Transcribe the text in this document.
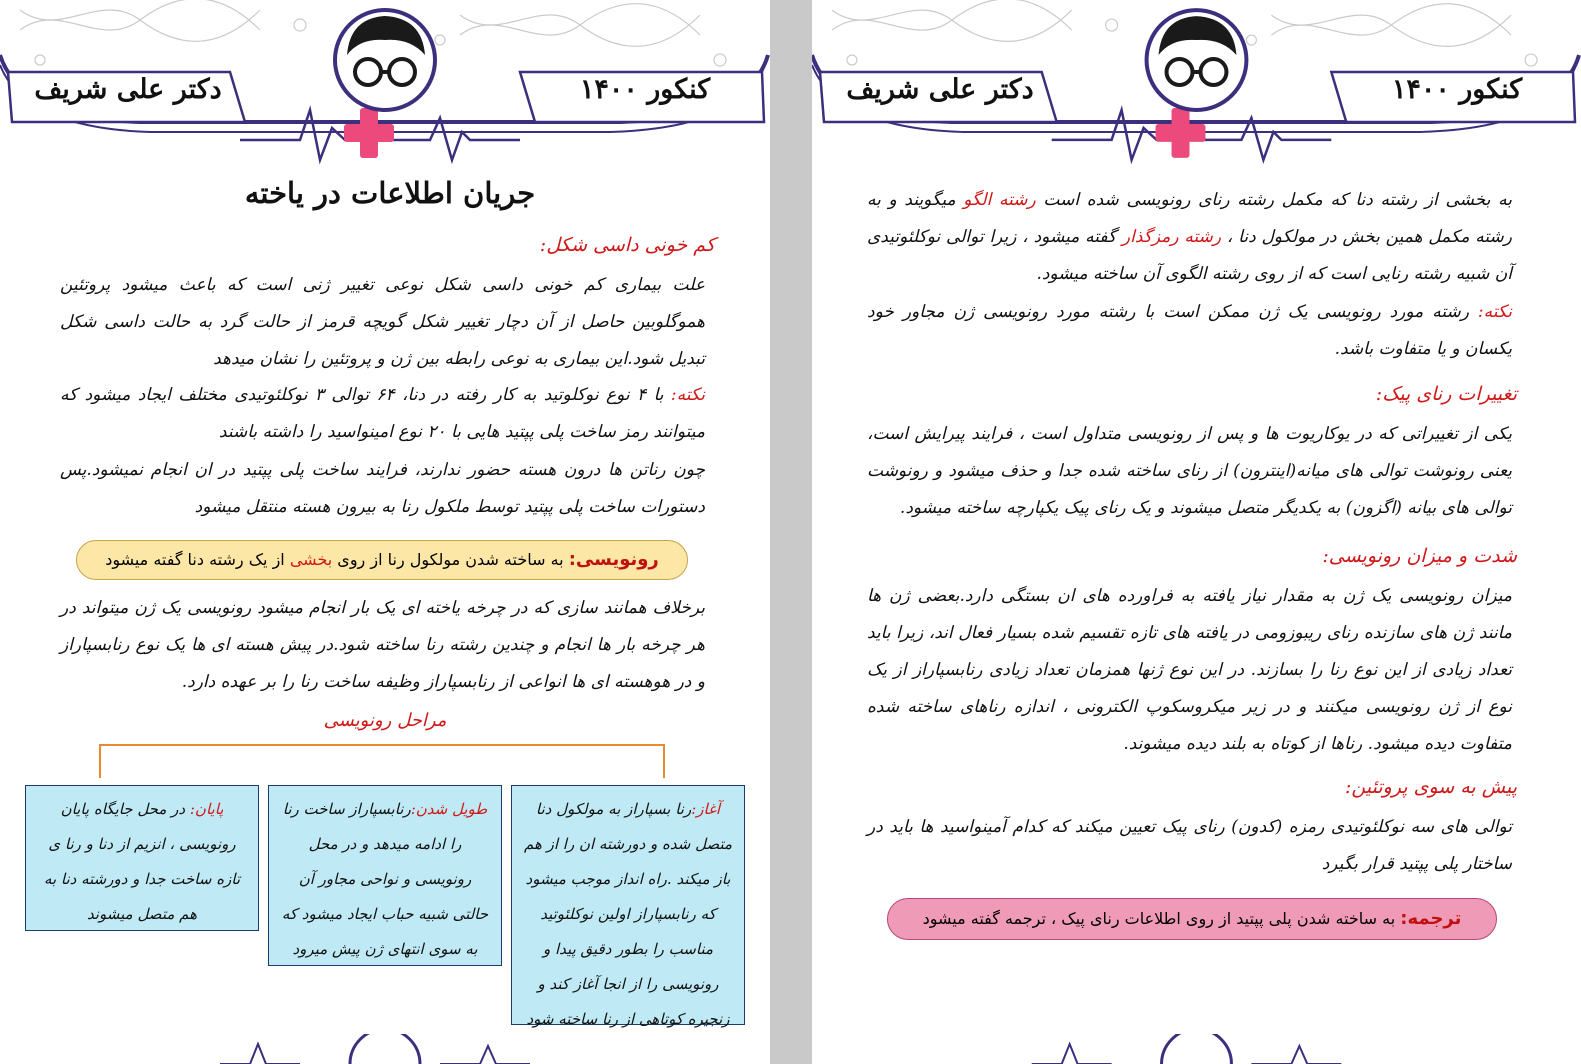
دکتر علی شریف	کنکور ۱۴۰۰
جریان اطلاعات در یاخته
کم خونی داسی شکل:
علت بیماری کم خونی داسی شکل نوعی تغییر ژنی است که باعث میشود پروتئین هموگلوبین حاصل از آن دچار تغییر شکل گویچه قرمز از حالت گرد به حالت داسی شکل تبدیل شود.این بیماری به نوعی رابطه بین ژن و پروتئین را نشان میدهد
نکته: با ۴ نوع نوکلوتید به کار رفته در دنا، ۶۴ توالی ۳ نوکلئوتیدی مختلف ایجاد میشود که میتوانند رمز ساخت پلی پپتید هایی با ۲۰ نوع امینواسید را داشته باشند
چون رناتن ها درون هسته حضور ندارند، فرایند ساخت پلی پپتید در ان انجام نمیشود.پس دستورات ساخت پلی پپتید توسط ملکول رنا به بیرون هسته منتقل میشود
رونویسی: به ساخته شدن مولکول رنا از روی بخشی از یک رشته دنا گفته میشود
برخلاف همانند سازی که در چرخه یاخته ای یک بار انجام میشود رونویسی یک ژن میتواند در هر چرخه بار ها انجام و چندین رشته رنا ساخته شود.در پیش هسته ای ها یک نوع رنابسپاراز و در هوهسته ای ها انواعی از رنابسپاراز وظیفه ساخت رنا را بر عهده دارد.
مراحل رونویسی
آغاز:رنا بسپاراز به مولکول دنا متصل شده و دورشته ان را از هم باز میکند .راه انداز موجب میشود که رنابسپاراز اولین نوکلئوتید مناسب را بطور دقیق پیدا و رونویسی را از انجا آغاز کند و زنجیره کوتاهی از رنا ساخته شود
طویل شدن:رنابسپاراز ساخت رنا را ادامه میدهد و در محل رونویسی و نواحی مجاور آن حالتی شبیه حباب ایجاد میشود که به سوی انتهای ژن پیش میرود
پایان: در محل جایگاه پایان رونویسی ، انزیم از دنا و رنا ی تازه ساخت جدا و دورشته دنا به هم متصل میشوند
دکتر علی شریف	کنکور ۱۴۰۰
به بخشی از رشته دنا که مکمل رشته رنای رونویسی شده است رشته الگو میگویند و به رشته مکمل همین بخش در مولکول دنا ، رشته رمزگذار گفته میشود ، زیرا توالی نوکلئوتیدی آن شبیه رشته رنایی است که از روی رشته الگوی آن ساخته میشود.
نکته: رشته مورد رونویسی یک ژن ممکن است با رشته مورد رونویسی ژن مجاور خود یکسان و یا متفاوت باشد.
تغییرات رنای پیک:
یکی از تغییراتی که در یوکاریوت ها و پس از رونویسی متداول است ، فرایند پیرایش است، یعنی رونوشت توالی های میانه(اینترون) از رنای ساخته شده جدا و حذف میشود و رونوشت توالی های بیانه (اگزون) به یکدیگر متصل میشوند و یک رنای پیک یکپارچه ساخته میشود.
شدت و میزان رونویسی:
میزان رونویسی یک ژن به مقدار نیاز یافته به فراورده های ان بستگی دارد.بعضی ژن ها مانند ژن های سازنده رنای ریبوزومی در یافته های تازه تقسیم شده بسیار فعال اند، زیرا باید تعداد زیادی از این نوع رنا را بسازند. در این نوع ژنها همزمان تعداد زیادی رنابسپاراز از یک نوع از ژن رونویسی میکنند و در زیر میکروسکوپ الکترونی ، اندازه رناهای ساخته شده متفاوت دیده میشود. رناها از کوتاه به بلند دیده میشوند.
پیش به سوی پروتئین:
توالی های سه نوکلئوتیدی رمزه (کدون) رنای پیک تعیین میکند که کدام آمینواسید ها باید در ساختار پلی پپتید قرار بگیرد
ترجمه: به ساخته شدن پلی پپتید از روی اطلاعات رنای پیک ، ترجمه گفته میشود
